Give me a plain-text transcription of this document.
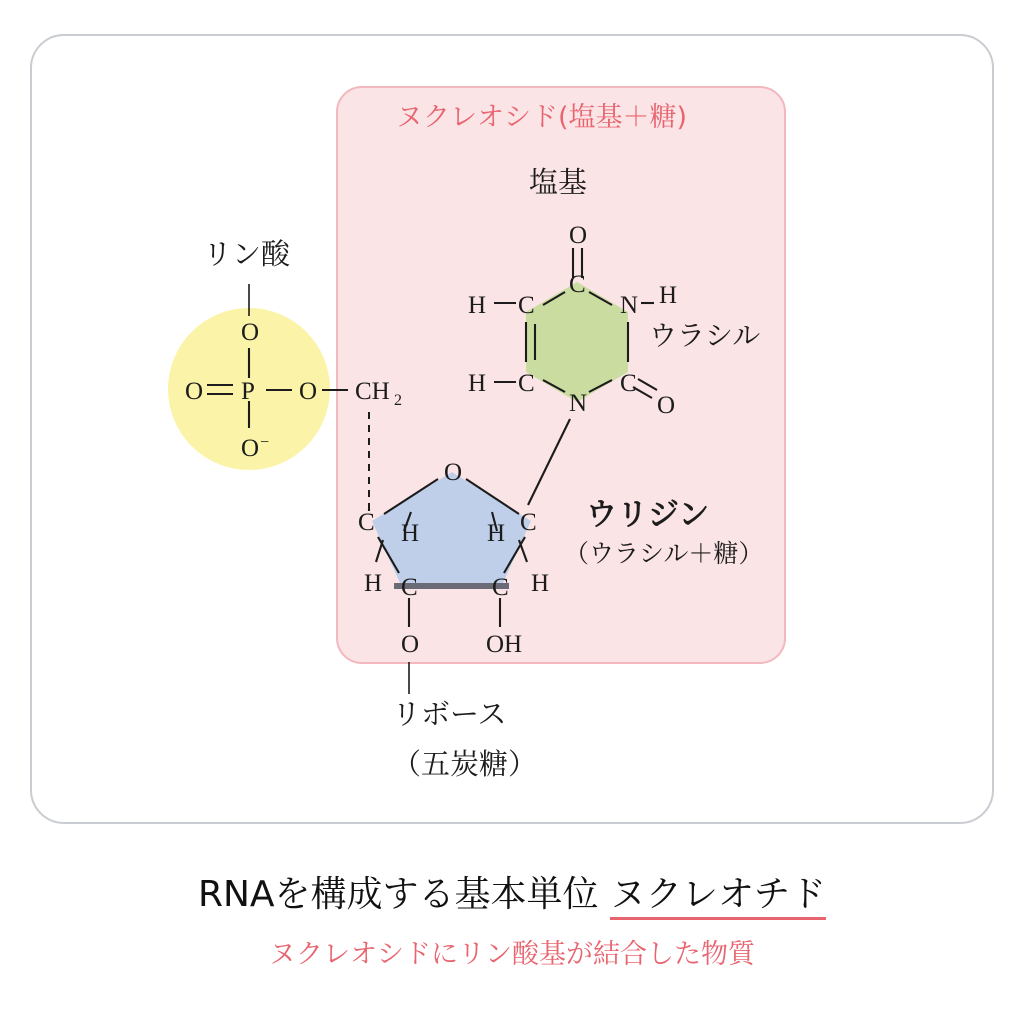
O
O P O
O −
CH 2
O
C
C
H	N H
C
H	C
O
N
O
C	C
H	H
H	H
C	C
O	OH
ヌクレオシド(塩基＋糖)
塩基
ウラシル
ウリジン
（ウラシル＋糖）
リン酸
リボース
（五炭糖）
RNAを構成する基本単位 ヌクレオチド
ヌクレオシドにリン酸基が結合した物質
